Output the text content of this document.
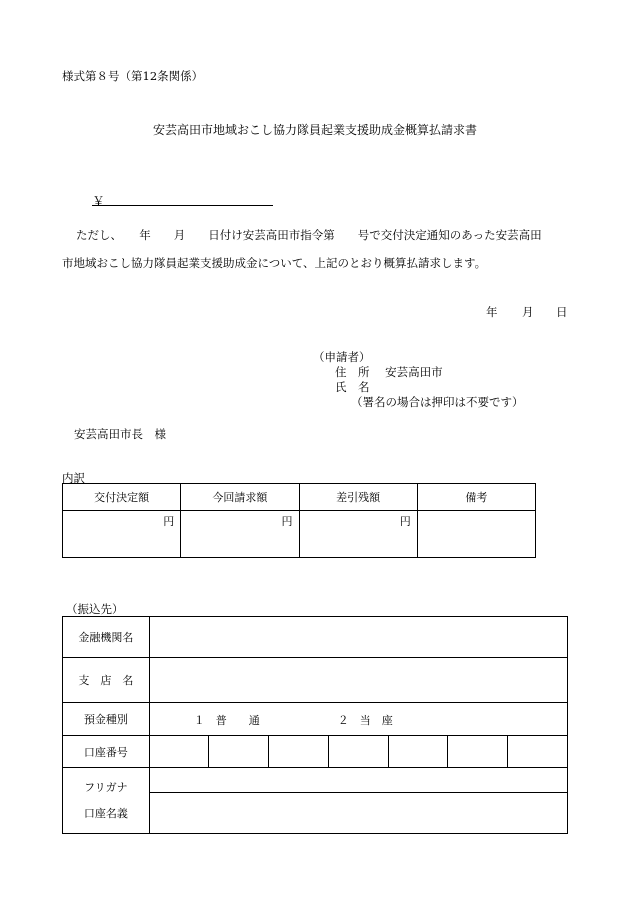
様式第８号（第12条関係）
安芸高田市地域おこし協力隊員起業支援助成金概算払請求書
￥
ただし、　　年　　月　　日付け安芸高田市指令第　　号で交付決定通知のあった安芸高田
市地域おこし協力隊員起業支援助成金について、上記のとおり概算払請求します。
年 月 日
（申請者）
住　所 安芸高田市
氏　名
（署名の場合は押印は不要です）
安芸高田市長　様
内訳
交付決定額	今回請求額	差引残額	備考
円	円	円	
（振込先）
金融機関名							
支　店　名							
預金種別	１　普　　通 ２　当　座						

口座番号							

フリガナ
口座名義							
